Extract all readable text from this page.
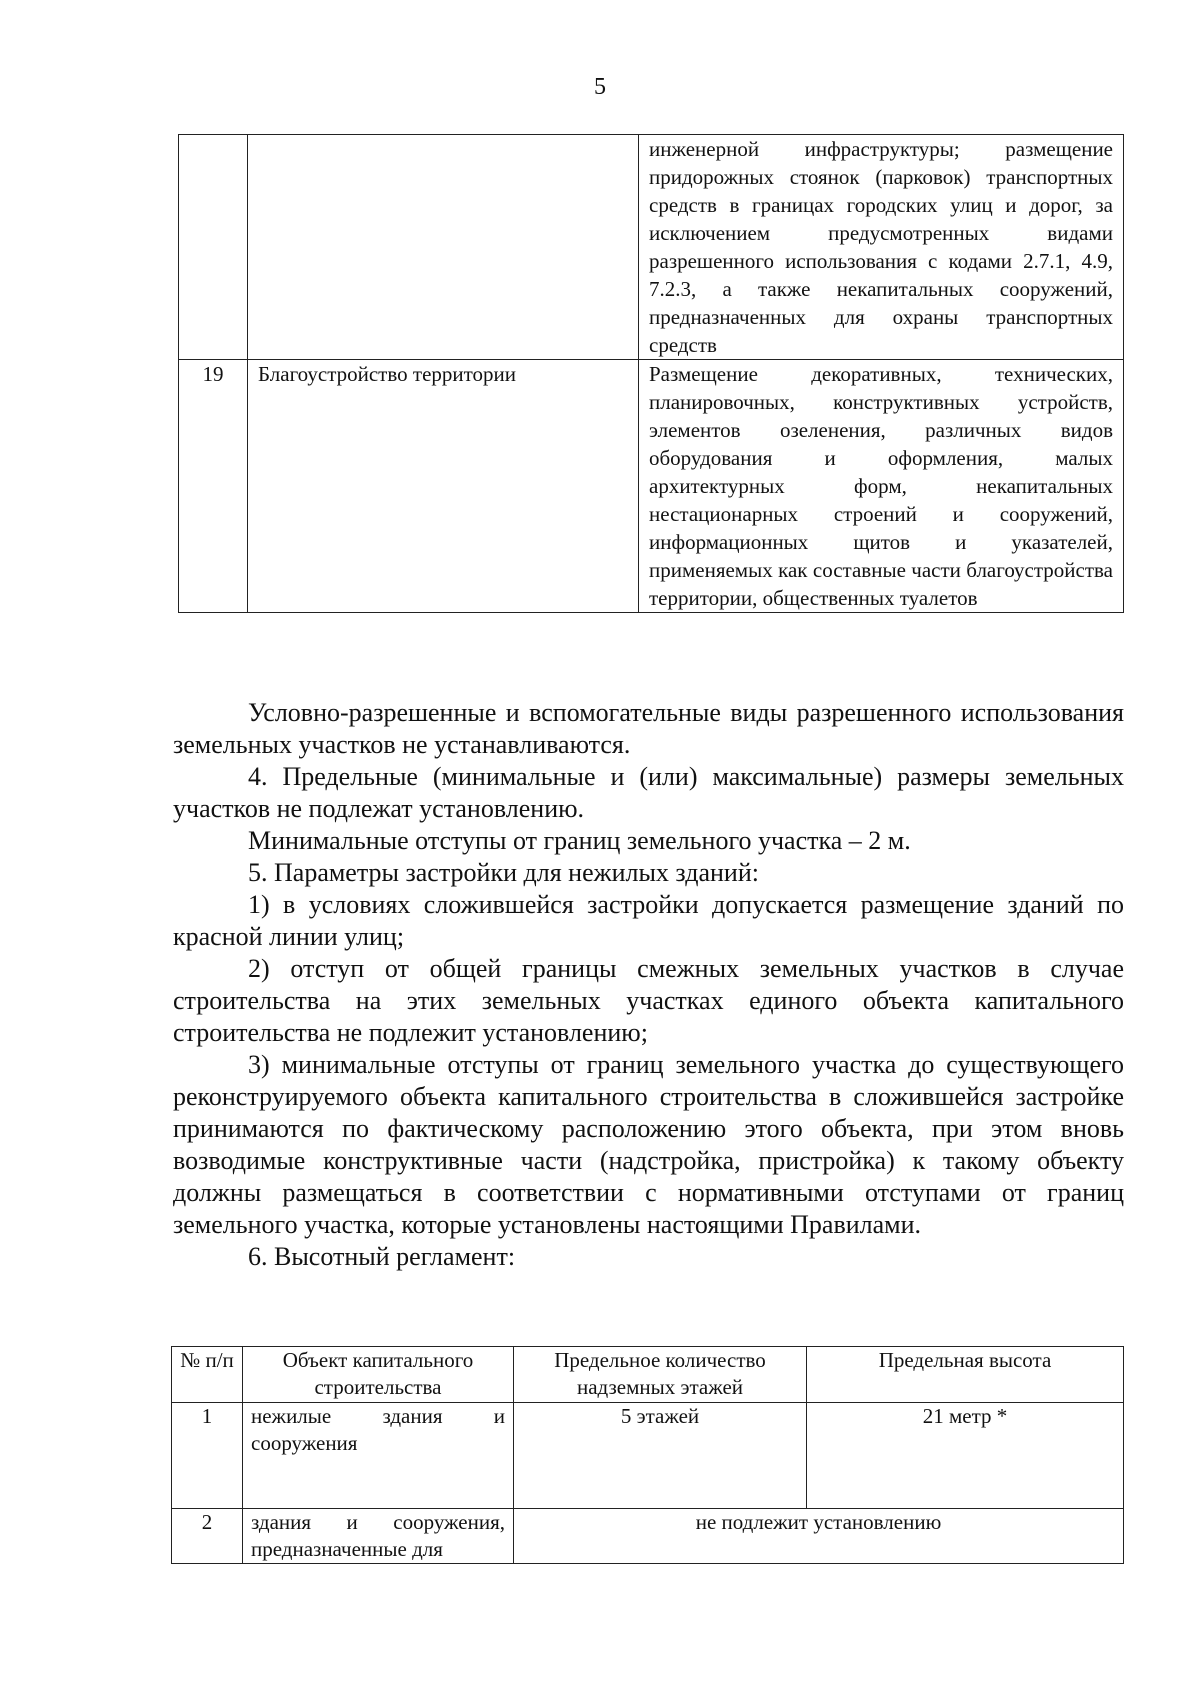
5
		инженерной инфраструктуры; размещение придорожных стоянок (парковок) транспортных средств в границах городских улиц и дорог, за исключением предусмотренных видами разрешенного использования с кодами 2.7.1, 4.9, 7.2.3, а также некапитальных сооружений, предназначенных для охраны транспортных средств
19	Благоустройство территории	Размещение декоративных, технических, планировочных, конструктивных устройств, элементов озеленения, различных видов оборудования и оформления, малых архитектурных форм, некапитальных нестационарных строений и сооружений, информационных щитов и указателей, применяемых как составные части благоустройства территории, общественных туалетов

Условно-разрешенные и вспомогательные виды разрешенного использования земельных участков не устанавливаются.

4. Предельные (минимальные и (или) максимальные) размеры земельных участков не подлежат установлению.

Минимальные отступы от границ земельного участка – 2 м.

5. Параметры застройки для нежилых зданий:

1) в условиях сложившейся застройки допускается размещение зданий по красной линии улиц;

2) отступ от общей границы смежных земельных участков в случае строительства на этих земельных участках единого объекта капитального строительства не подлежит установлению;

3) минимальные отступы от границ земельного участка до существующего реконструируемого объекта капитального строительства в сложившейся застройке принимаются по фактическому расположению этого объекта, при этом вновь возводимые конструктивные части (надстройка, пристройка) к такому объекту должны размещаться в соответствии с нормативными отступами от границ земельного участка, которые установлены настоящими Правилами.

6. Высотный регламент:

№ п/п	Объект капитального строительства	Предельное количество надземных этажей	Предельная высота
1	нежилые здания и сооружения	5 этажей	21 метр *
2	здания и сооружения, предназначенные для	не подлежит установлению	
